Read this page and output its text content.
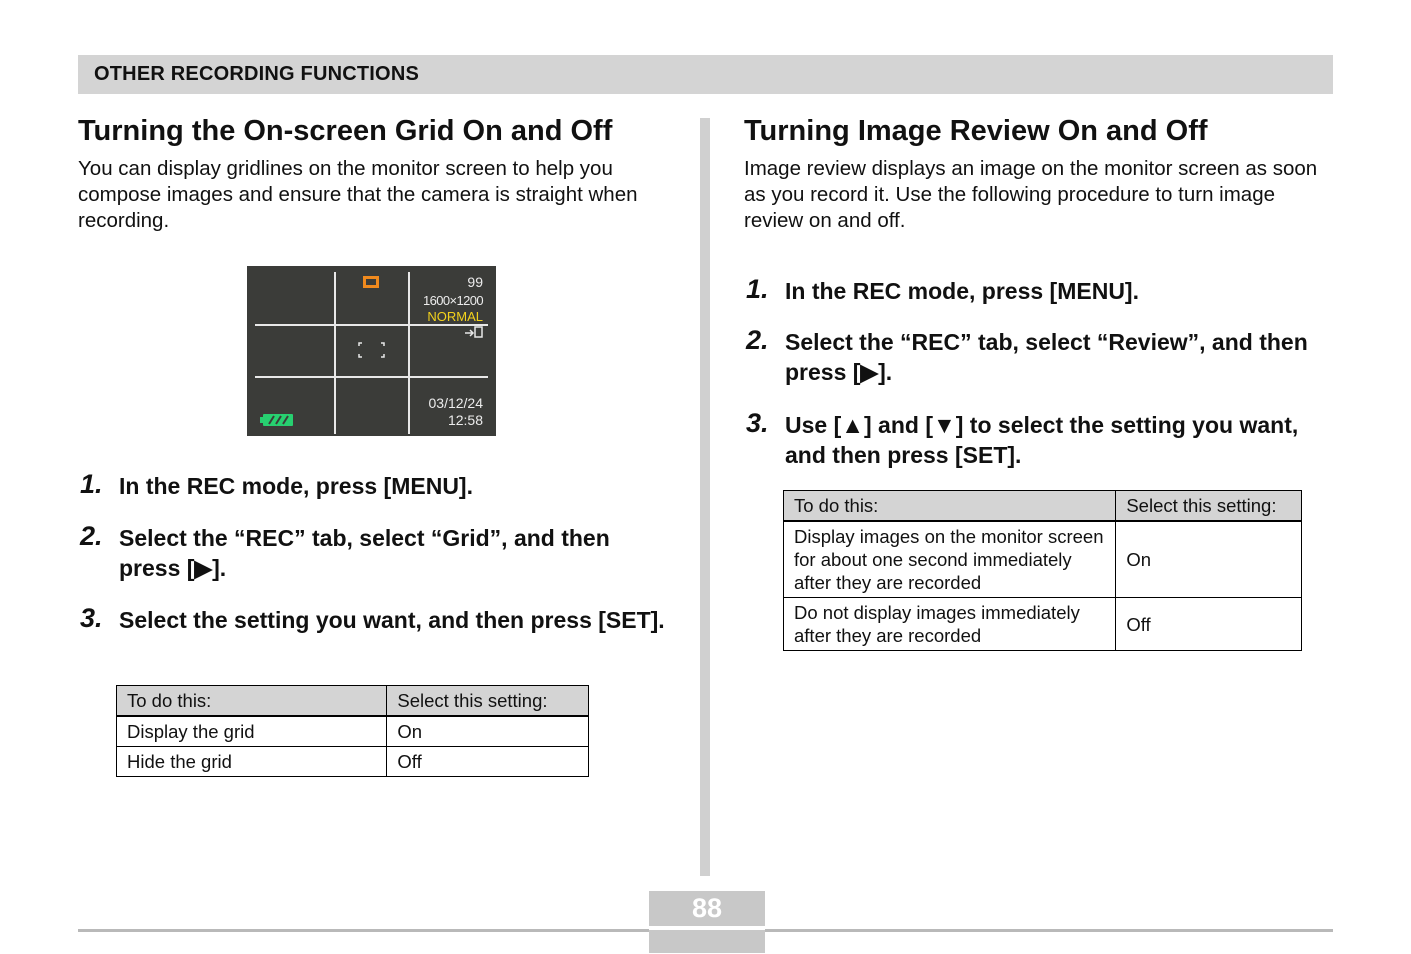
OTHER RECORDING FUNCTIONS
Turning the On-screen Grid On and Off

You can display gridlines on the monitor screen to help you compose images and ensure that the camera is straight when recording.

99
1600×1200
NORMAL
03/12/24
12:58
1. In the REC mode, press [MENU].
2. Select the “REC” tab, select “Grid”, and then press [▶].
3. Select the setting you want, and then press [SET].
To do this:	Select this setting:
Display the grid	On
Hide the grid	Off
Turning Image Review On and Off

Image review displays an image on the monitor screen as soon as you record it. Use the following procedure to turn image review on and off.

1. In the REC mode, press [MENU].
2. Select the “REC” tab, select “Review”, and then press [▶].
3. Use [▲] and [▼] to select the setting you want, and then press [SET].
To do this:	Select this setting:
Display images on the monitor screen for about one second immediately after they are recorded	On
Do not display images immediately after they are recorded	Off
88
